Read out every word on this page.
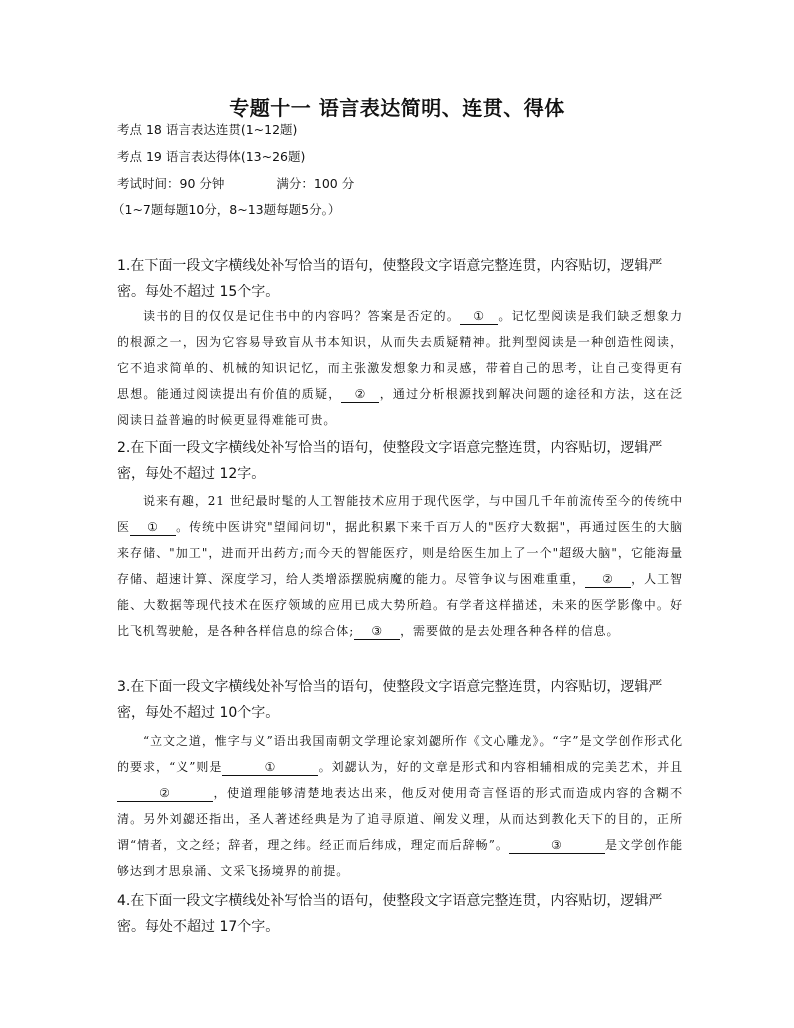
专题十一 语言表达简明、连贯、得体
考点 18 语言表达连贯(1~12题)
考点 19 语言表达得体(13~26题)
考试时间：90 分钟	满分：100 分
（1~7题每题10分，8~13题每题5分。）
1.在下面一段文字横线处补写恰当的语句，使整段文字语意完整连贯，内容贴切，逻辑严密。每处不超过 15个字。
读书的目的仅仅是记住书中的内容吗？答案是否定的。 ① 。记忆型阅读是我们缺乏想象力的根源之一，因为它容易导致盲从书本知识，从而失去质疑精神。批判型阅读是一种创造性阅读，它不追求简单的、机械的知识记忆，而主张激发想象力和灵感，带着自己的思考，让自己变得更有思想。能通过阅读提出有价值的质疑， ② ，通过分析根源找到解决问题的途径和方法，这在泛阅读日益普遍的时候更显得难能可贵。
2.在下面一段文字横线处补写恰当的语句，使整段文字语意完整连贯，内容贴切，逻辑严密，每处不超过 12字。
说来有趣，21 世纪最时髦的人工智能技术应用于现代医学，与中国几千年前流传至今的传统中医 ① 。传统中医讲究"望闻问切"，据此积累下来千百万人的"医疗大数据"，再通过医生的大脑来存储、"加工"，进而开出药方;而今天的智能医疗，则是给医生加上了一个"超级大脑"，它能海量存储、超速计算、深度学习，给人类增添摆脱病魔的能力。尽管争议与困难重重， ② ，人工智能、大数据等现代技术在医疗领域的应用已成大势所趋。有学者这样描述，未来的医学影像中。好比飞机驾驶舱，是各种各样信息的综合体; ③ ，需要做的是去处理各种各样的信息。
3.在下面一段文字横线处补写恰当的语句，使整段文字语意完整连贯，内容贴切，逻辑严密，每处不超过 10个字。
“立文之道，惟字与义”语出我国南朝文学理论家刘勰所作《文心雕龙》。“字”是文学创作形式化的要求，“义”则是	①	。刘勰认为，好的文章是形式和内容相辅相成的完美艺术，并且②	，使道理能够清楚地表达出来，他反对使用奇言怪语的形式而造成内容的含糊不清。另外刘勰还指出，圣人著述经典是为了追寻原道、阐发义理，从而达到教化天下的目的，正所谓“情者，文之经；辞者，理之纬。经正而后纬成，理定而后辞畅”。	③	是文学创作能够达到才思泉涌、文采飞扬境界的前提。
4.在下面一段文字横线处补写恰当的语句，使整段文字语意完整连贯，内容贴切，逻辑严密。每处不超过 17个字。
